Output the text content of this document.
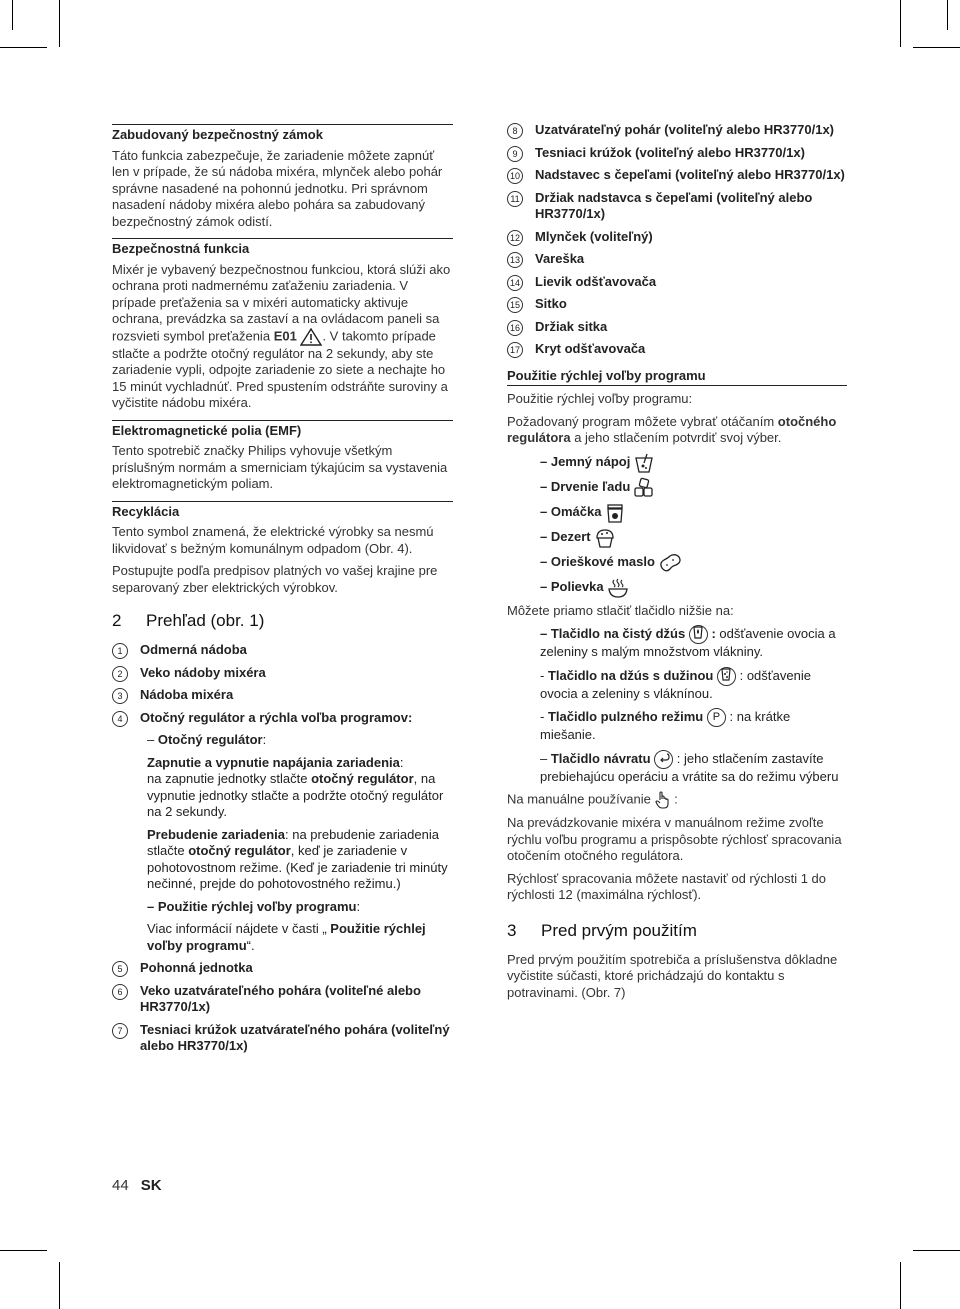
Zabudovaný bezpečnostný zámok

Táto funkcia zabezpečuje, že zariadenie môžete zapnúť len v prípade, že sú nádoba mixéra, mlynček alebo pohár správne nasadené na pohonnú jednotku. Pri správnom nasadení nádoby mixéra alebo pohára sa zabudovaný bezpečnostný zámok odistí.

Bezpečnostná funkcia

Mixér je vybavený bezpečnostnou funkciou, ktorá slúži ako ochrana proti nadmernému zaťaženiu zariadenia. V prípade preťaženia sa v mixéri automaticky aktivuje ochrana, prevádzka sa zastaví a na ovládacom paneli sa rozsvieti symbol preťaženia E01 . V takomto prípade stlačte a podržte otočný regulátor na 2 sekundy, aby ste zariadenie vypli, odpojte zariadenie zo siete a nechajte ho 15 minút vychladnúť. Pred spustením odstráňte suroviny a vyčistite nádobu mixéra.

Elektromagnetické polia (EMF)

Tento spotrebič značky Philips vyhovuje všetkým príslušným normám a smerniciam týkajúcim sa vystavenia elektromagnetickým poliam.

Recyklácia

Tento symbol znamená, že elektrické výrobky sa nesmú likvidovať s bežným komunálnym odpadom (Obr. 4).

Postupujte podľa predpisov platných vo vašej krajine pre separovaný zber elektrických výrobkov.

2 Prehľad (obr. 1)
1	Odmerná nádoba
2	Veko nádoby mixéra
3	Nádoba mixéra
4	Otočný regulátor a rýchla voľba programov:
– Otočný regulátor:
Zapnutie a vypnutie napájania zariadenia:
na zapnutie jednotky stlačte otočný regulátor, na vypnutie jednotky stlačte a podržte otočný regulátor na 2 sekundy.
Prebudenie zariadenia: na prebudenie zariadenia stlačte otočný regulátor, keď je zariadenie v pohotovostnom režime. (Keď je zariadenie tri minúty nečinné, prejde do pohotovostného režimu.)
– Použitie rýchlej voľby programu:
Viac informácií nájdete v časti „ Použitie rýchlej voľby programu“.
5	Pohonná jednotka
6	Veko uzatvárateľného pohára (voliteľné alebo HR3770/1x)
7	Tesniaci krúžok uzatvárateľného pohára (voliteľný alebo HR3770/1x)
8	Uzatvárateľný pohár (voliteľný alebo HR3770/1x)
9	Tesniaci krúžok (voliteľný alebo HR3770/1x)
10 Nadstavec s čepeľami (voliteľný alebo HR3770/1x)
11 Držiak nadstavca s čepeľami (voliteľný alebo HR3770/1x)
12 Mlynček (voliteľný)
13 Vareška
14 Lievik odšťavovača
15 Sitko
16 Držiak sitka
17 Kryt odšťavovača
Použitie rýchlej voľby programu

Použitie rýchlej voľby programu:

Požadovaný program môžete vybrať otáčaním otočného regulátora a jeho stlačením potvrdiť svoj výber.

– Jemný nápoj
– Drvenie ľadu
– Omáčka
– Dezert
– Orieškové maslo
– Polievka

Môžete priamo stlačiť tlačidlo nižšie na:

– Tlačidlo na čistý džús  : odšťavenie ovocia a zeleniny s malým množstvom vlákniny.
- Tlačidlo na džús s dužinou  : odšťavenie ovocia a zeleniny s vláknínou.
- Tlačidlo pulzného režimu P : na krátke miešanie.
– Tlačidlo návratu  : jeho stlačením zastavíte prebiehajúcu operáciu a vrátite sa do režimu výberu

Na manuálne používanie  :

Na prevádzkovanie mixéra v manuálnom režime zvoľte rýchlu voľbu programu a prispôsobte rýchlosť spracovania otočením otočného regulátora.

Rýchlosť spracovania môžete nastaviť od rýchlosti 1 do rýchlosti 12 (maximálna rýchlosť).

3 Pred prvým použitím

Pred prvým použitím spotrebiča a príslušenstva dôkladne vyčistite súčasti, ktoré prichádzajú do kontaktu s potravinami. (Obr. 7)

44 SK
